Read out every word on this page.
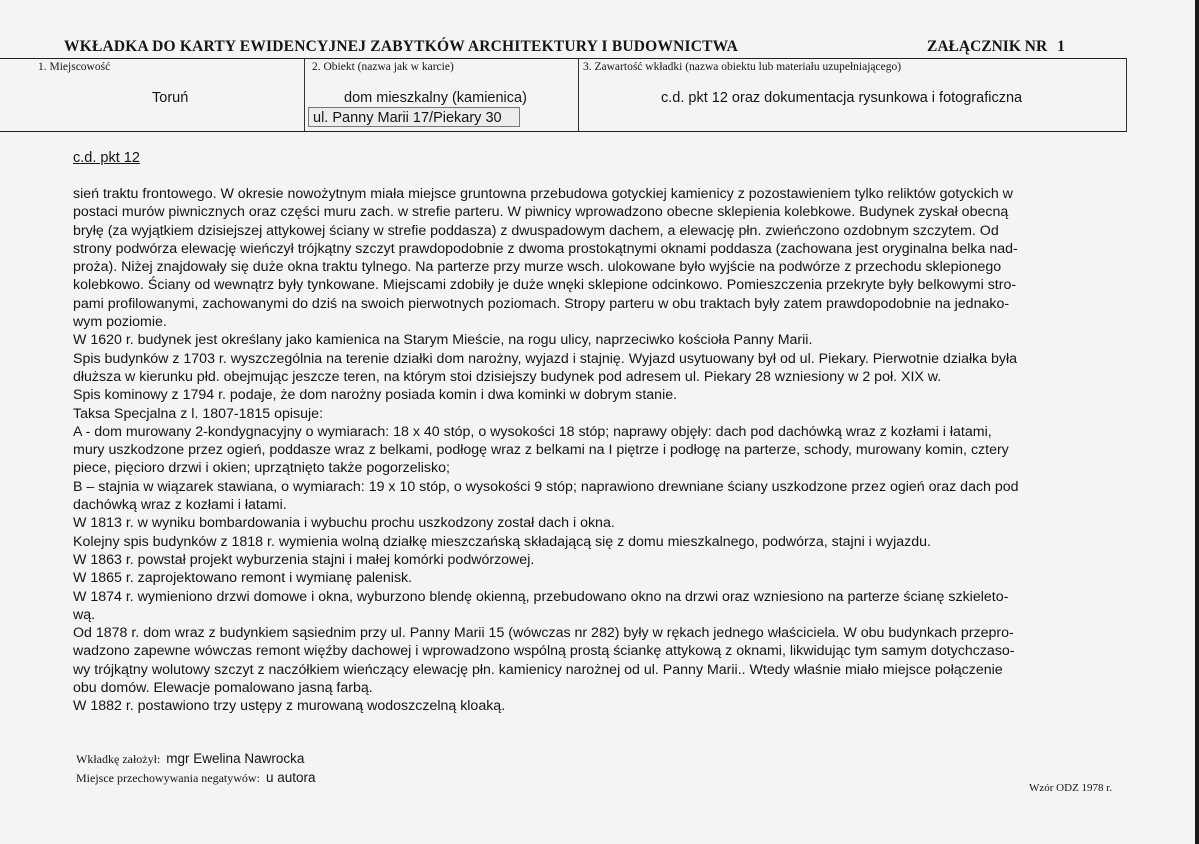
WKŁADKA DO KARTY EWIDENCYJNEJ ZABYTKÓW ARCHITEKTURY I BUDOWNICTWA	ZAŁĄCZNIK NR 1
1. Miejscowość
Toruń
2. Obiekt (nazwa jak w karcie)
dom mieszkalny (kamienica)
3. Zawartość wkładki (nazwa obiektu lub materiału uzupełniającego)
c.d. pkt 12 oraz dokumentacja rysunkowa i fotograficzna
ul. Panny Marii 17/Piekary 30
c.d. pkt 12
sień traktu frontowego. W okresie nowożytnym miała miejsce gruntowna przebudowa gotyckiej kamienicy z pozostawieniem tylko reliktów gotyckich w
postaci murów piwnicznych oraz części muru zach. w strefie parteru. W piwnicy wprowadzono obecne sklepienia kolebkowe. Budynek zyskał obecną
bryłę (za wyjątkiem dzisiejszej attykowej ściany w strefie poddasza) z dwuspadowym dachem, a elewację płn. zwieńczono ozdobnym szczytem. Od
strony podwórza elewację wieńczył trójkątny szczyt prawdopodobnie z dwoma prostokątnymi oknami poddasza (zachowana jest oryginalna belka nad-
proża). Niżej znajdowały się duże okna traktu tylnego. Na parterze przy murze wsch. ulokowane było wyjście na podwórze z przechodu sklepionego
kolebkowo. Ściany od wewnątrz były tynkowane. Miejscami zdobiły je duże wnęki sklepione odcinkowo. Pomieszczenia przekryte były belkowymi stro-
pami profilowanymi, zachowanymi do dziś na swoich pierwotnych poziomach. Stropy parteru w obu traktach były zatem prawdopodobnie na jednako-
wym poziomie.
W 1620 r. budynek jest określany jako kamienica na Starym Mieście, na rogu ulicy, naprzeciwko kościoła Panny Marii.
Spis budynków z 1703 r. wyszczególnia na terenie działki dom narożny, wyjazd i stajnię. Wyjazd usytuowany był od ul. Piekary. Pierwotnie działka była
dłuższa w kierunku płd. obejmując jeszcze teren, na którym stoi dzisiejszy budynek pod adresem ul. Piekary 28 wzniesiony w 2 poł. XIX w.
Spis kominowy z 1794 r. podaje, że dom narożny posiada komin i dwa kominki w dobrym stanie.
Taksa Specjalna z l. 1807-1815 opisuje:
A - dom murowany 2-kondygnacyjny o wymiarach: 18 x 40 stóp, o wysokości 18 stóp; naprawy objęły: dach pod dachówką wraz z kozłami i łatami,
mury uszkodzone przez ogień, poddasze wraz z belkami, podłogę wraz z belkami na I piętrze i podłogę na parterze, schody, murowany komin, cztery
piece, pięcioro drzwi i okien; uprzątnięto także pogorzelisko;
B – stajnia w wiązarek stawiana, o wymiarach: 19 x 10 stóp, o wysokości 9 stóp; naprawiono drewniane ściany uszkodzone przez ogień oraz dach pod
dachówką wraz z kozłami i łatami.
W 1813 r. w wyniku bombardowania i wybuchu prochu uszkodzony został dach i okna.
Kolejny spis budynków z 1818 r. wymienia wolną działkę mieszczańską składającą się z domu mieszkalnego, podwórza, stajni i wyjazdu.
W 1863 r. powstał projekt wyburzenia stajni i małej komórki podwórzowej.
W 1865 r. zaprojektowano remont i wymianę palenisk.
W 1874 r. wymieniono drzwi domowe i okna, wyburzono blendę okienną, przebudowano okno na drzwi oraz wzniesiono na parterze ścianę szkieleto-
wą.
Od 1878 r. dom wraz z budynkiem sąsiednim przy ul. Panny Marii 15 (wówczas nr 282) były w rękach jednego właściciela. W obu budynkach przepro-
wadzono zapewne wówczas remont więźby dachowej i wprowadzono wspólną prostą ściankę attykową z oknami, likwidując tym samym dotychczaso-
wy trójkątny wolutowy szczyt z naczółkiem wieńczący elewację płn. kamienicy narożnej od ul. Panny Marii.. Wtedy właśnie miało miejsce połączenie
obu domów. Elewacje pomalowano jasną farbą.
W 1882 r. postawiono trzy ustępy z murowaną wodoszczelną kloaką.
Wkładkę założył: mgr Ewelina Nawrocka
Miejsce przechowywania negatywów: u autora
Wzór ODZ 1978 r.
